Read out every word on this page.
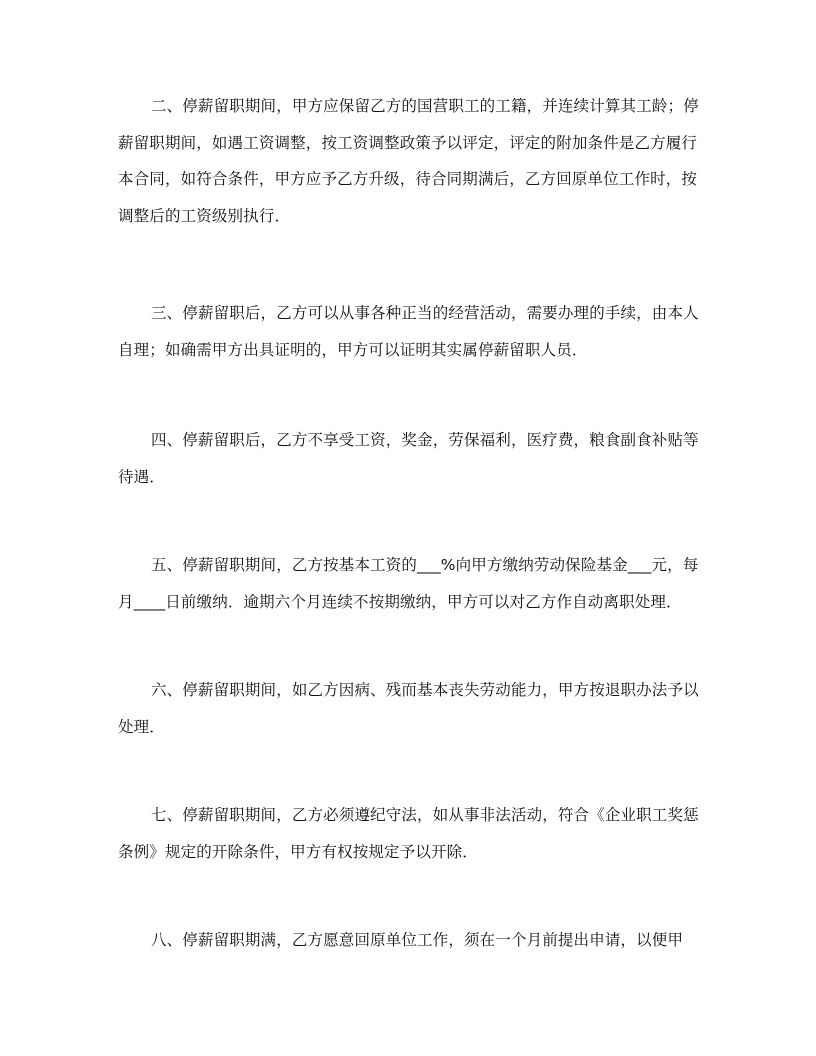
二、停薪留职期间，甲方应保留乙方的国营职工的工籍，并连续计算其工龄；停薪留职期间，如遇工资调整，按工资调整政策予以评定，评定的附加条件是乙方履行本合同，如符合条件，甲方应予乙方升级，待合同期满后，乙方回原单位工作时，按调整后的工资级别执行．

三、停薪留职后，乙方可以从事各种正当的经营活动，需要办理的手续，由本人自理；如确需甲方出具证明的，甲方可以证明其实属停薪留职人员．

四、停薪留职后，乙方不享受工资，奖金，劳保福利，医疗费，粮食副食补贴等待遇．

五、停薪留职期间，乙方按基本工资的___%向甲方缴纳劳动保险基金___元，每月____日前缴纳．逾期六个月连续不按期缴纳，甲方可以对乙方作自动离职处理．

六、停薪留职期间，如乙方因病、残而基本丧失劳动能力，甲方按退职办法予以处理．

七、停薪留职期间，乙方必须遵纪守法，如从事非法活动，符合《企业职工奖惩条例》规定的开除条件，甲方有权按规定予以开除．

八、停薪留职期满，乙方愿意回原单位工作，须在一个月前提出申请，以便甲
